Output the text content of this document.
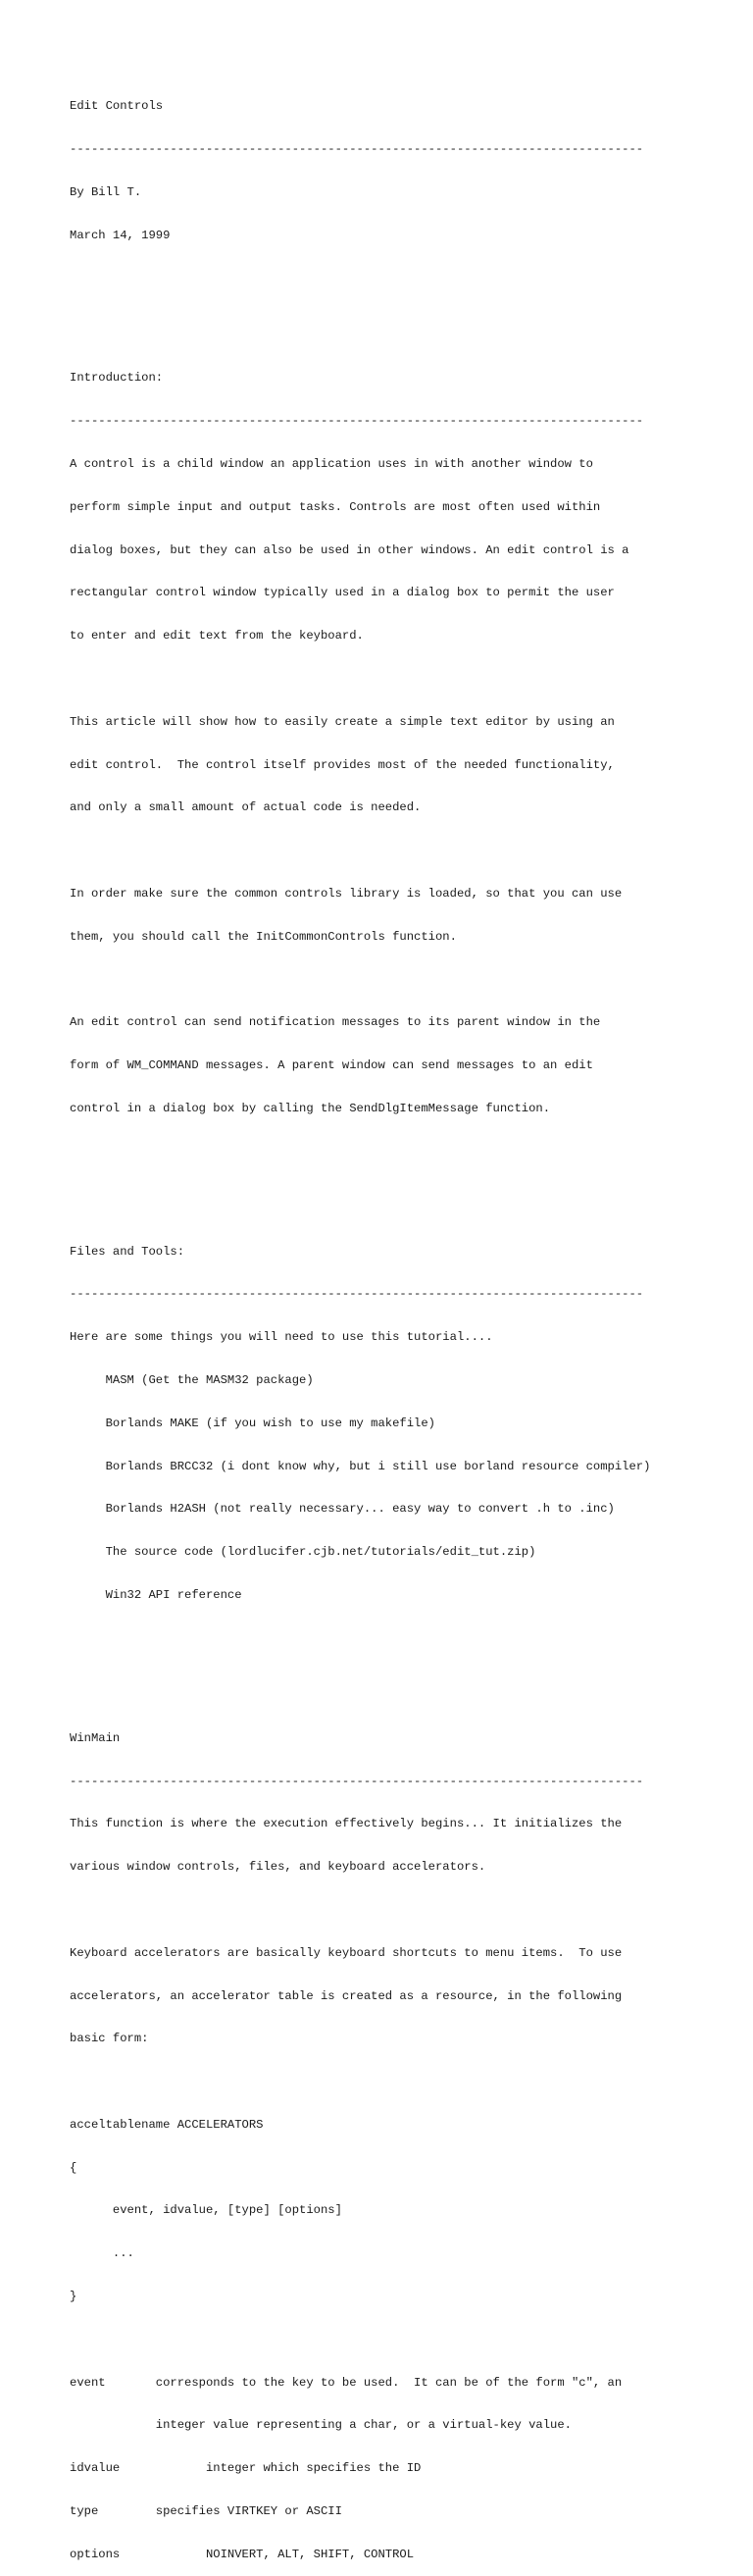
Edit Controls

--------------------------------------------------------------------------------

By Bill T.

March 14, 1999

Introduction:

--------------------------------------------------------------------------------

A control is a child window an application uses in with another window to

perform simple input and output tasks. Controls are most often used within

dialog boxes, but they can also be used in other windows. An edit control is a

rectangular control window typically used in a dialog box to permit the user

to enter and edit text from the keyboard.

This article will show how to easily create a simple text editor by using an

edit control.  The control itself provides most of the needed functionality,

and only a small amount of actual code is needed.

In order make sure the common controls library is loaded, so that you can use

them, you should call the InitCommonControls function.

An edit control can send notification messages to its parent window in the

form of WM_COMMAND messages. A parent window can send messages to an edit

control in a dialog box by calling the SendDlgItemMessage function.

Files and Tools:

--------------------------------------------------------------------------------

Here are some things you will need to use this tutorial....

MASM (Get the MASM32 package)

Borlands MAKE (if you wish to use my makefile)

Borlands BRCC32 (i dont know why, but i still use borland resource compiler)

Borlands H2ASH (not really necessary... easy way to convert .h to .inc)

The source code (lordlucifer.cjb.net/tutorials/edit_tut.zip)

Win32 API reference

WinMain

--------------------------------------------------------------------------------

This function is where the execution effectively begins... It initializes the

various window controls, files, and keyboard accelerators.

Keyboard accelerators are basically keyboard shortcuts to menu items.  To use

accelerators, an accelerator table is created as a resource, in the following

basic form:

acceltablename ACCELERATORS

{

event, idvalue, [type] [options]

...

}

event       corresponds to the key to be used.  It can be of the form "c", an

integer value representing a char, or a virtual-key value.

idvalue            integer which specifies the ID

type        specifies VIRTKEY or ASCII

options            NOINVERT, ALT, SHIFT, CONTROL
